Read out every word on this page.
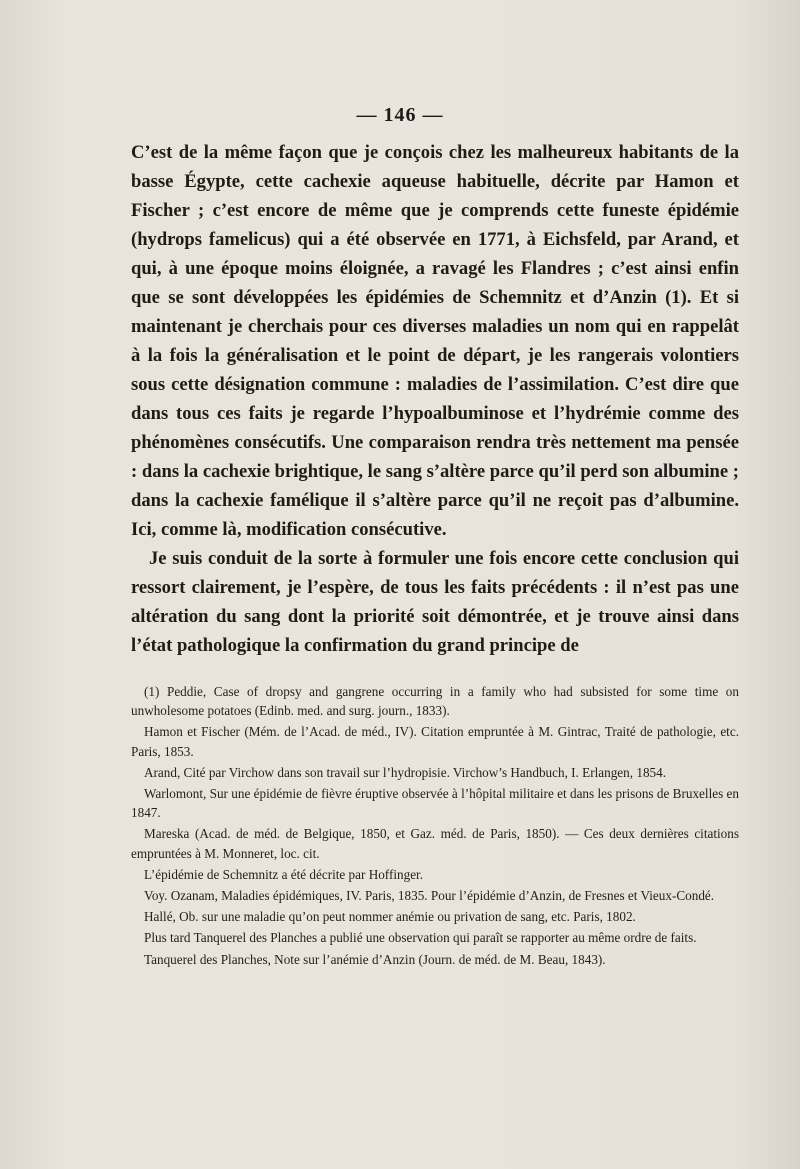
— 146 —

C’est de la même façon que je conçois chez les malheureux habitants de la basse Égypte, cette cachexie aqueuse habituelle, décrite par Hamon et Fischer ; c’est encore de même que je comprends cette funeste épidémie (hydrops famelicus) qui a été observée en 1771, à Eichsfeld, par Arand, et qui, à une époque moins éloignée, a ravagé les Flandres ; c’est ainsi enfin que se sont développées les épidémies de Schemnitz et d’Anzin (1). Et si maintenant je cherchais pour ces diverses maladies un nom qui en rappelât à la fois la généralisation et le point de départ, je les rangerais volontiers sous cette désignation commune : maladies de l’assimilation. C’est dire que dans tous ces faits je regarde l’hypoalbuminose et l’hydrémie comme des phénomènes consécutifs. Une comparaison rendra très nettement ma pensée : dans la cachexie brightique, le sang s’altère parce qu’il perd son albumine ; dans la cachexie famélique il s’altère parce qu’il ne reçoit pas d’albumine. Ici, comme là, modification consécutive.

Je suis conduit de la sorte à formuler une fois encore cette conclusion qui ressort clairement, je l’espère, de tous les faits précédents : il n’est pas une altération du sang dont la priorité soit démontrée, et je trouve ainsi dans l’état pathologique la confirmation du grand principe de

(1) Peddie, Case of dropsy and gangrene occurring in a family who had subsisted for some time on unwholesome potatoes (Edinb. med. and surg. journ., 1833).

Hamon et Fischer (Mém. de l’Acad. de méd., IV). Citation empruntée à M. Gintrac, Traité de pathologie, etc. Paris, 1853.

Arand, Cité par Virchow dans son travail sur l’hydropisie. Virchow’s Handbuch, I. Erlangen, 1854.

Warlomont, Sur une épidémie de fièvre éruptive observée à l’hôpital militaire et dans les prisons de Bruxelles en 1847.

Mareska (Acad. de méd. de Belgique, 1850, et Gaz. méd. de Paris, 1850). — Ces deux dernières citations empruntées à M. Monneret, loc. cit.

L’épidémie de Schemnitz a été décrite par Hoffinger.

Voy. Ozanam, Maladies épidémiques, IV. Paris, 1835. Pour l’épidémie d’Anzin, de Fresnes et Vieux-Condé.

Hallé, Ob. sur une maladie qu’on peut nommer anémie ou privation de sang, etc. Paris, 1802.

Plus tard Tanquerel des Planches a publié une observation qui paraît se rapporter au même ordre de faits.

Tanquerel des Planches, Note sur l’anémie d’Anzin (Journ. de méd. de M. Beau, 1843).
